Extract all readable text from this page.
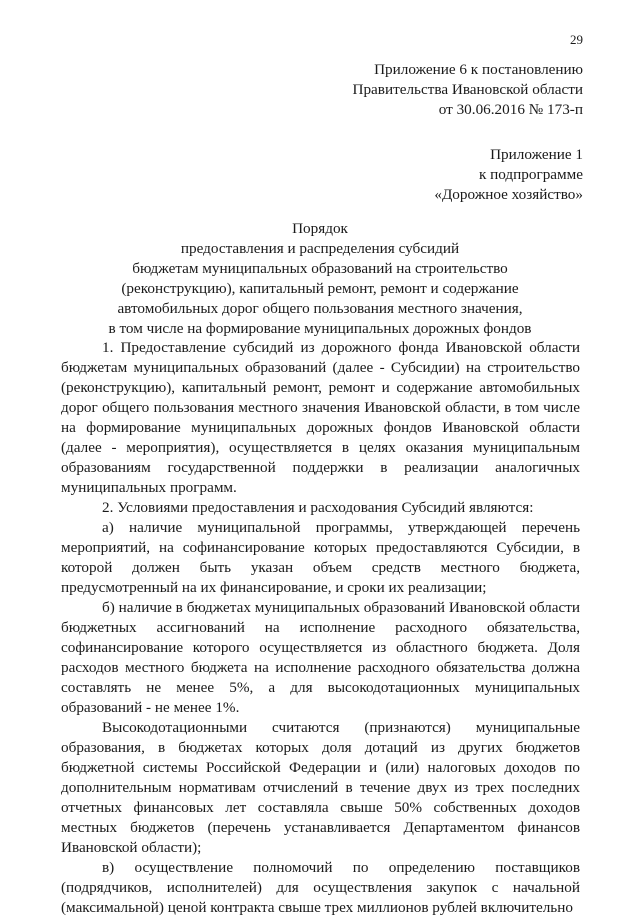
29
Приложение 6 к постановлению
Правительства Ивановской области
от 30.06.2016 № 173-п
Приложение 1
к подпрограмме
«Дорожное хозяйство»
Порядок
предоставления и распределения субсидий
бюджетам муниципальных образований на строительство
(реконструкцию), капитальный ремонт, ремонт и содержание
автомобильных дорог общего пользования местного значения,
в том числе на формирование муниципальных дорожных фондов

1. Предоставление субсидий из дорожного фонда Ивановской области бюджетам муниципальных образований (далее - Субсидии) на строительство (реконструкцию), капитальный ремонт, ремонт и содержание автомобильных дорог общего пользования местного значения Ивановской области, в том числе на формирование муниципальных дорожных фондов Ивановской области (далее - мероприятия), осуществляется в целях оказания муниципальным образованиям государственной поддержки в реализации аналогичных муниципальных программ.

2. Условиями предоставления и расходования Субсидий являются:

а) наличие муниципальной программы, утверждающей перечень мероприятий, на софинансирование которых предоставляются Субсидии, в которой должен быть указан объем средств местного бюджета, предусмотренный на их финансирование, и сроки их реализации;

б) наличие в бюджетах муниципальных образований Ивановской области бюджетных ассигнований на исполнение расходного обязательства, софинансирование которого осуществляется из областного бюджета. Доля расходов местного бюджета на исполнение расходного обязательства должна составлять не менее 5%, а для высокодотационных муниципальных образований - не менее 1%.

Высокодотационными считаются (признаются) муниципальные образования, в бюджетах которых доля дотаций из других бюджетов бюджетной системы Российской Федерации и (или) налоговых доходов по дополнительным нормативам отчислений в течение двух из трех последних отчетных финансовых лет составляла свыше 50% собственных доходов местных бюджетов (перечень устанавливается Департаментом финансов Ивановской области);

в) осуществление полномочий по определению поставщиков (подрядчиков, исполнителей) для осуществления закупок с начальной (максимальной) ценой контракта свыше трех миллионов рублей включительно
